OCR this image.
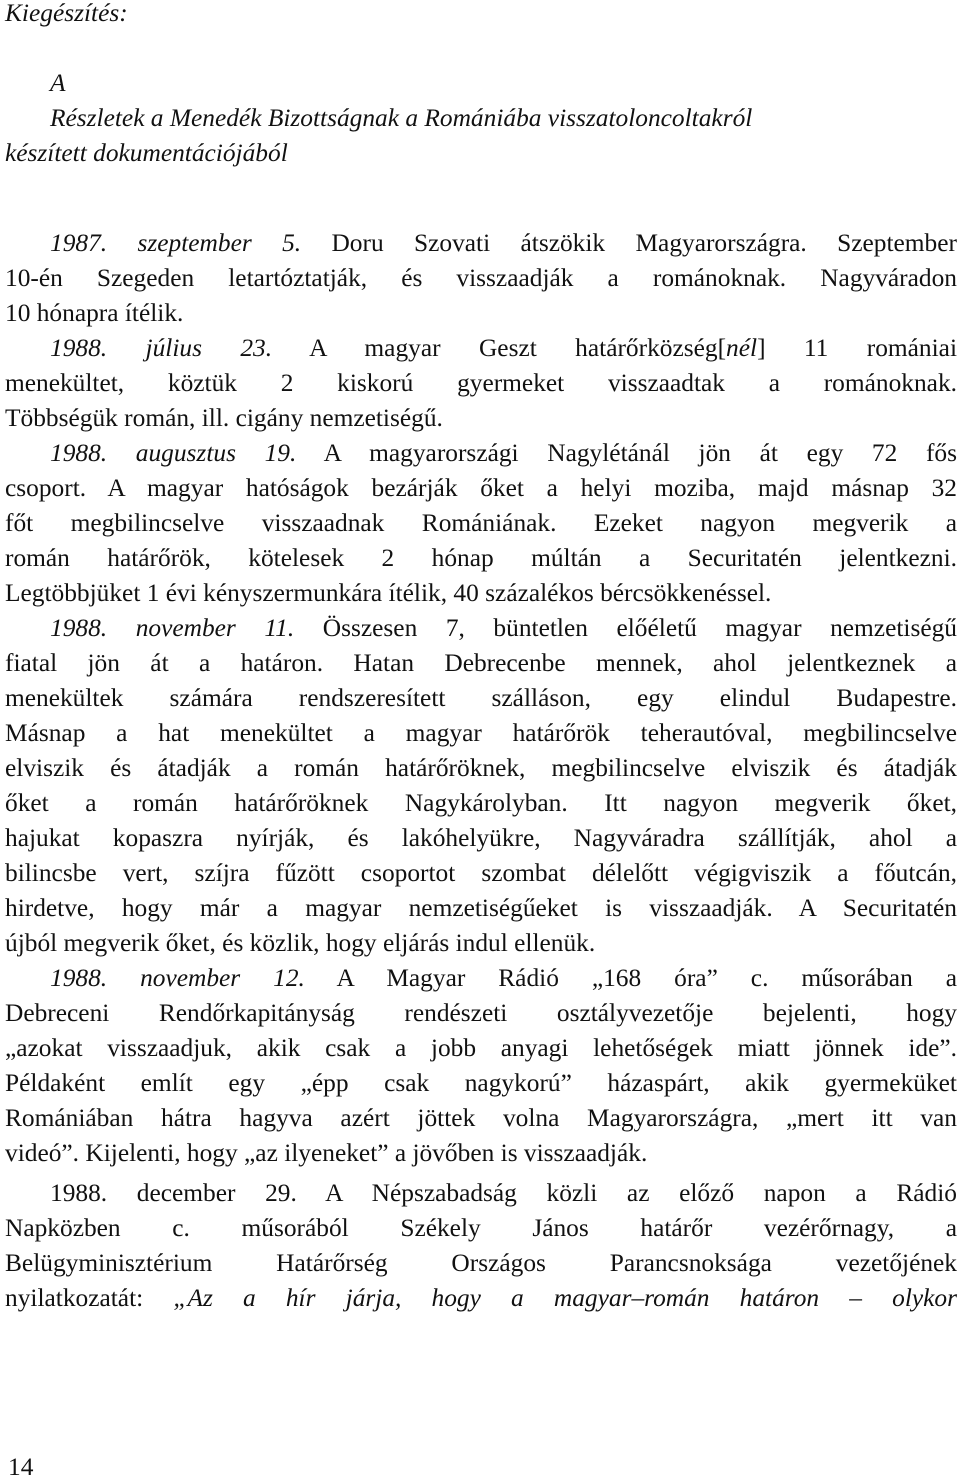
Kiegészítés:
A
Részletek a Menedék Bizottságnak a Romániába visszatoloncoltakról
készített dokumentációjából
1987. szeptember 5. Doru Szovati átszökik Magyarországra. Szeptember
10-én Szegeden letartóztatják, és visszaadják a románoknak. Nagyváradon
10 hónapra ítélik.
1988. július 23. A magyar Geszt határőrközség[nél] 11 romániai
menekültet, köztük 2 kiskorú gyermeket visszaadtak a románoknak.
Többségük román, ill. cigány nemzetiségű.
1988. augusztus 19. A magyarországi Nagylétánál jön át egy 72 fős
csoport. A magyar hatóságok bezárják őket a helyi moziba, majd másnap 32
főt megbilincselve visszaadnak Romániának. Ezeket nagyon megverik a
román határőrök, kötelesek 2 hónap múltán a Securitatén jelentkezni.
Legtöbbjüket 1 évi kényszermunkára ítélik, 40 százalékos bércsökkenéssel.
1988. november 11. Összesen 7, büntetlen előéletű magyar nemzetiségű
fiatal jön át a határon. Hatan Debrecenbe mennek, ahol jelentkeznek a
menekültek számára rendszeresített szálláson, egy elindul Budapestre.
Másnap a hat menekültet a magyar határőrök teherautóval, megbilincselve
elviszik és átadják a román határőröknek, megbilincselve elviszik és átadják
őket a román határőröknek Nagykárolyban. Itt nagyon megverik őket,
hajukat kopaszra nyírják, és lakóhelyükre, Nagyváradra szállítják, ahol a
bilincsbe vert, szíjra fűzött csoportot szombat délelőtt végigviszik a főutcán,
hirdetve, hogy már a magyar nemzetiségűeket is visszaadják. A Securitatén
újból megverik őket, és közlik, hogy eljárás indul ellenük.
1988. november 12. A Magyar Rádió „168 óra” c. műsorában a
Debreceni Rendőrkapitányság rendészeti osztályvezetője bejelenti, hogy
„azokat visszaadjuk, akik csak a jobb anyagi lehetőségek miatt jönnek ide”.
Példaként említ egy „épp csak nagykorú” házaspárt, akik gyermeküket
Romániában hátra hagyva azért jöttek volna Magyarországra, „mert itt van
videó”. Kijelenti, hogy „az ilyeneket” a jövőben is visszaadják.
1988. december 29. A Népszabadság közli az előző napon a Rádió
Napközben c. műsorából Székely János határőr vezérőrnagy, a
Belügyminisztérium Határőrség Országos Parancsnoksága vezetőjének
nyilatkozatát: „Az a hír járja, hogy a magyar–román határon – olykor
14
